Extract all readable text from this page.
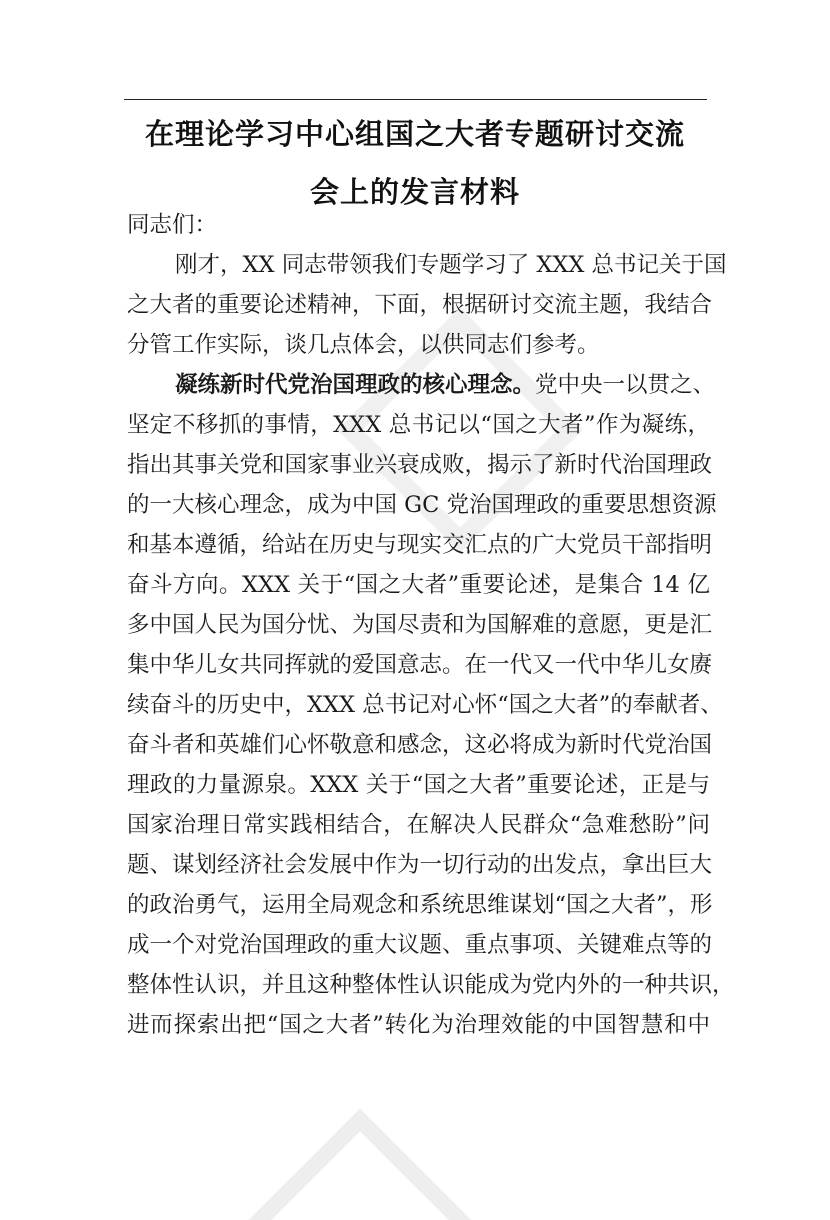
在理论学习中心组国之大者专题研讨交流
会上的发言材料
同志们：
刚才，XX 同志带领我们专题学习了 XXX 总书记关于国
之大者的重要论述精神，下面，根据研讨交流主题，我结合
分管工作实际，谈几点体会，以供同志们参考。
凝练新时代党治国理政的核心理念。党中央一以贯之、
坚定不移抓的事情，XXX 总书记以“国之大者”作为凝练，
指出其事关党和国家事业兴衰成败，揭示了新时代治国理政
的一大核心理念，成为中国 GC 党治国理政的重要思想资源
和基本遵循，给站在历史与现实交汇点的广大党员干部指明
奋斗方向。XXX 关于“国之大者”重要论述，是集合 14 亿
多中国人民为国分忧、为国尽责和为国解难的意愿，更是汇
集中华儿女共同挥就的爱国意志。在一代又一代中华儿女赓
续奋斗的历史中，XXX 总书记对心怀“国之大者”的奉献者、
奋斗者和英雄们心怀敬意和感念，这必将成为新时代党治国
理政的力量源泉。XXX 关于“国之大者”重要论述，正是与
国家治理日常实践相结合，在解决人民群众“急难愁盼”问
题、谋划经济社会发展中作为一切行动的出发点，拿出巨大
的政治勇气，运用全局观念和系统思维谋划“国之大者”，形
成一个对党治国理政的重大议题、重点事项、关键难点等的
整体性认识，并且这种整体性认识能成为党内外的一种共识，
进而探索出把“国之大者”转化为治理效能的中国智慧和中
